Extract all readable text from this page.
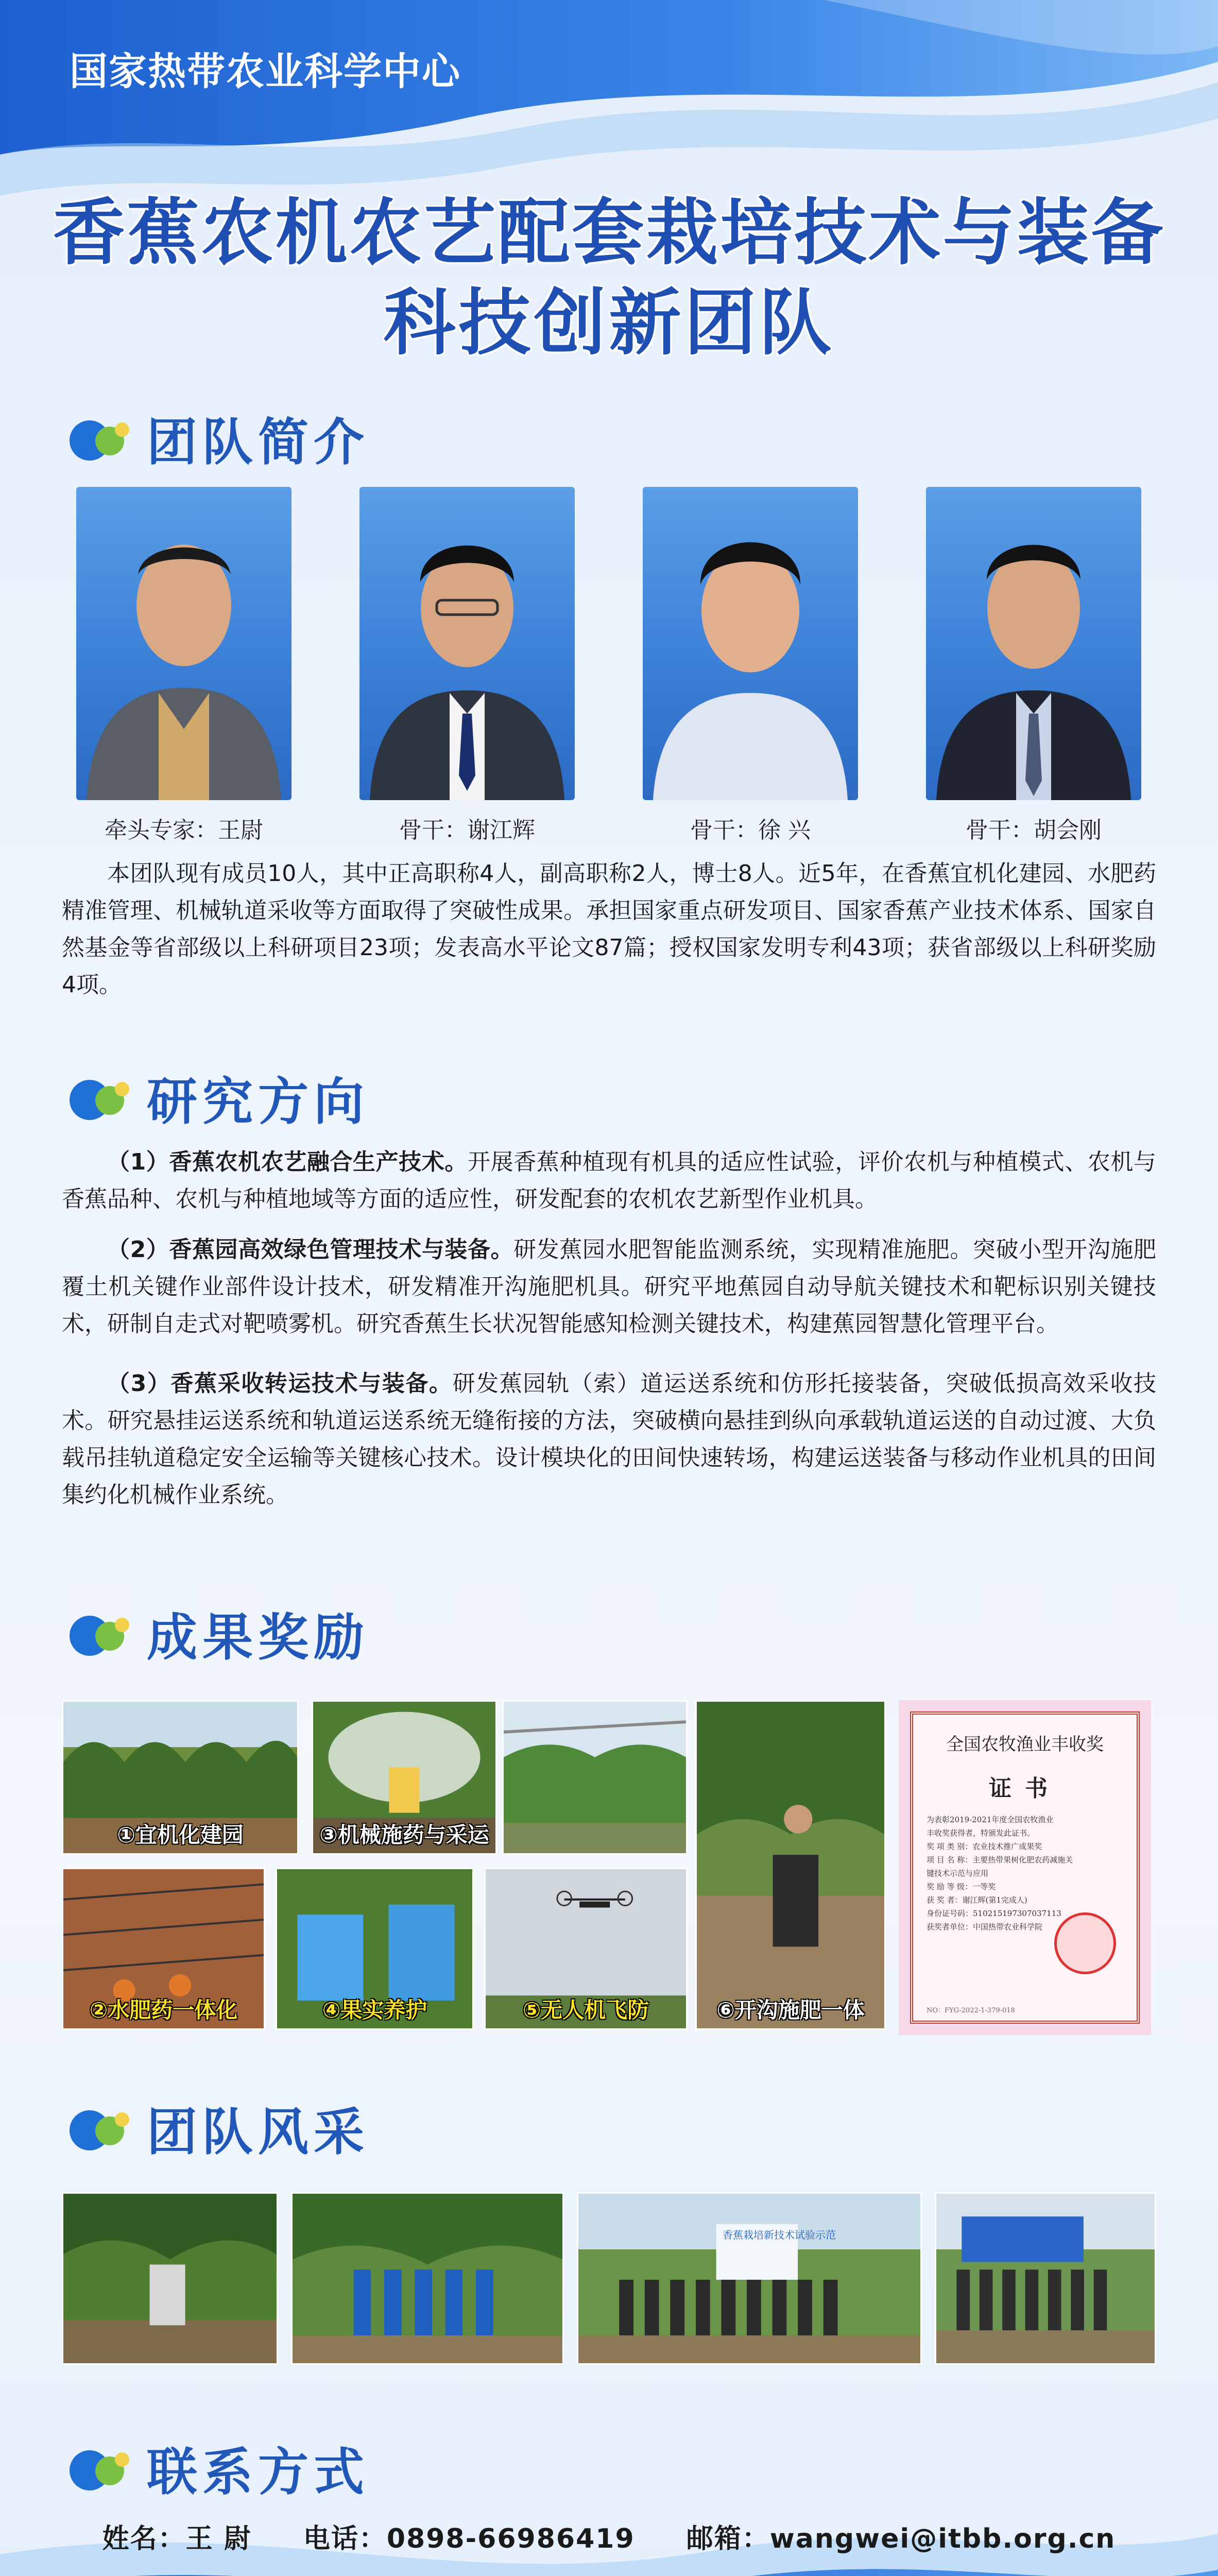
国家热带农业科学中心
香蕉农机农艺配套栽培技术与装备
科技创新团队
团队简介
牵头专家：王尉	骨干：谢江辉	骨干：徐 兴	骨干：胡会刚
本团队现有成员10人，其中正高职称4人，副高职称2人，博士8人。近5年，在香蕉宜机化建园、水肥药精准管理、机械轨道采收等方面取得了突破性成果。承担国家重点研发项目、国家香蕉产业技术体系、国家自然基金等省部级以上科研项目23项；发表高水平论文87篇；授权国家发明专利43项；获省部级以上科研奖励4项。
研究方向
（1）香蕉农机农艺融合生产技术。开展香蕉种植现有机具的适应性试验，评价农机与种植模式、农机与香蕉品种、农机与种植地域等方面的适应性，研发配套的农机农艺新型作业机具。
（2）香蕉园高效绿色管理技术与装备。研发蕉园水肥智能监测系统，实现精准施肥。突破小型开沟施肥覆土机关键作业部件设计技术，研发精准开沟施肥机具。研究平地蕉园自动导航关键技术和靶标识别关键技术，研制自走式对靶喷雾机。研究香蕉生长状况智能感知检测关键技术，构建蕉园智慧化管理平台。
（3）香蕉采收转运技术与装备。研发蕉园轨（索）道运送系统和仿形托接装备，突破低损高效采收技术。研究悬挂运送系统和轨道运送系统无缝衔接的方法，突破横向悬挂到纵向承载轨道运送的自动过渡、大负载吊挂轨道稳定安全运输等关键核心技术。设计模块化的田间快速转场，构建运送装备与移动作业机具的田间集约化机械作业系统。
成果奖励
①宜机化建园	③机械施药与采运
⑥开沟施肥一体
②水肥药一体化	④果实养护	⑤无人机飞防
全国农牧渔业丰收奖
证书
为表彰2019-2021年度全国农牧渔业
丰收奖获得者，特颁发此证书。
奖 项 类 别：农业技术推广成果奖
项 目 名 称：主要热带果树化肥农药减施关
键技术示范与应用
奖 励 等 级：一等奖
获 奖 者：谢江辉(第1完成人)
身份证号码：510215197307037113
获奖者单位：中国热带农业科学院
NO：FYG-2022-1-379-018
团队风采
香蕉栽培新技术试验示范
联系方式
姓名：王 尉 电话：0898-66986419 邮箱：wangwei@itbb.org.cn
